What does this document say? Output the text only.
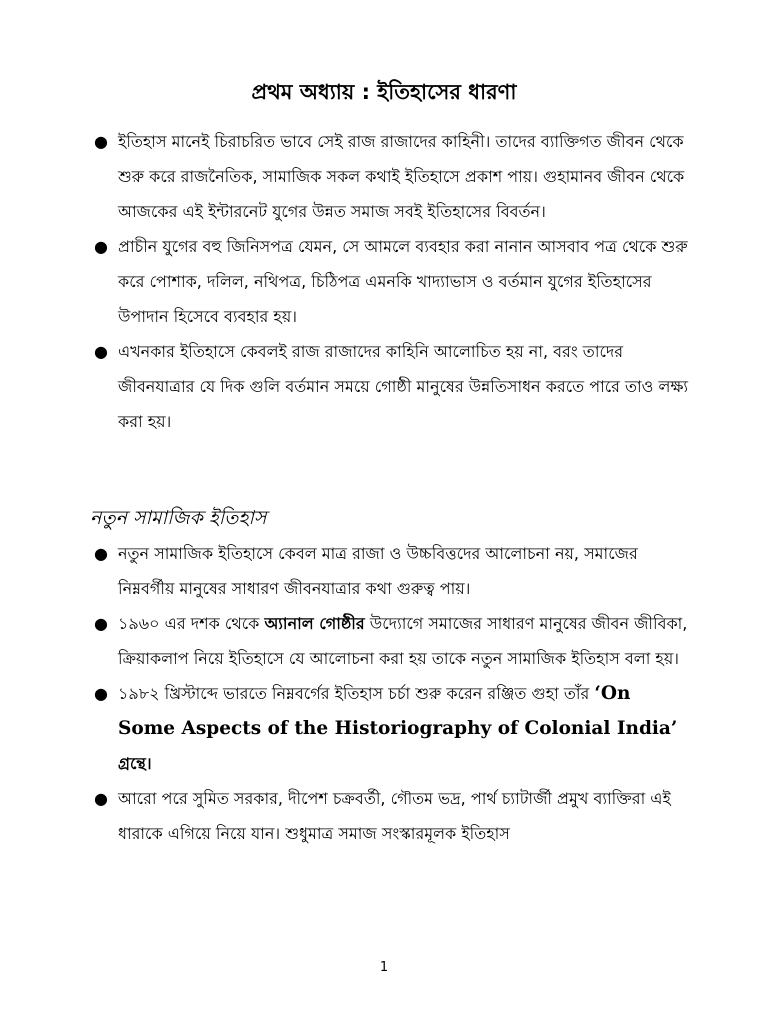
প্রথম অধ্যায় : ইতিহাসের ধারণা
● ইতিহাস মানেই চিরাচরিত ভাবে সেই রাজ রাজাদের কাহিনী। তাদের ব্যাক্তিগত জীবন থেকে শুরু করে রাজনৈতিক, সামাজিক সকল কথাই ইতিহাসে প্রকাশ পায়। গুহামানব জীবন থেকে আজকের এই ইন্টারনেট যুগের উন্নত সমাজ সবই ইতিহাসের বিবর্তন।
● প্রাচীন যুগের বহু জিনিসপত্র যেমন, সে আমলে ব্যবহার করা নানান আসবাব পত্র থেকে শুরু করে পোশাক, দলিল, নথিপত্র, চিঠিপত্র এমনকি খাদ্যাভাস ও বর্তমান যুগের ইতিহাসের উপাদান হিসেবে ব্যবহার হয়।
● এখনকার ইতিহাসে কেবলই রাজ রাজাদের কাহিনি আলোচিত হয় না, বরং তাদের জীবনযাত্রার যে দিক গুলি বর্তমান সময়ে গোষ্ঠী মানুষের উন্নতিসাধন করতে পারে তাও লক্ষ্য করা হয়।
নতুন সামাজিক ইতিহাস
● নতুন সামাজিক ইতিহাসে কেবল মাত্র রাজা ও উচ্চবিত্তদের আলোচনা নয়, সমাজের নিম্নবর্গীয় মানুষের সাধারণ জীবনযাত্রার কথা গুরুত্ব পায়।
● ১৯৬০ এর দশক থেকে অ্যানাল গোষ্ঠীর উদ্যোগে সমাজের সাধারণ মানুষের জীবন জীবিকা, ক্রিয়াকলাপ নিয়ে ইতিহাসে যে আলোচনা করা হয় তাকে নতুন সামাজিক ইতিহাস বলা হয়।
● ১৯৮২ খ্রিস্টাব্দে ভারতে নিম্নবর্গের ইতিহাস চর্চা শুরু করেন রঞ্জিত গুহা তাঁর ‘On Some Aspects of the Historiography of Colonial India’ গ্রন্থে।
● আরো পরে সুমিত সরকার, দীপেশ চক্রবর্তী, গৌতম ভদ্র, পার্থ চ্যাটার্জী প্রমুখ ব্যাক্তিরা এই ধারাকে এগিয়ে নিয়ে যান। শুধুমাত্র সমাজ সংস্কারমূলক ইতিহাস
1
